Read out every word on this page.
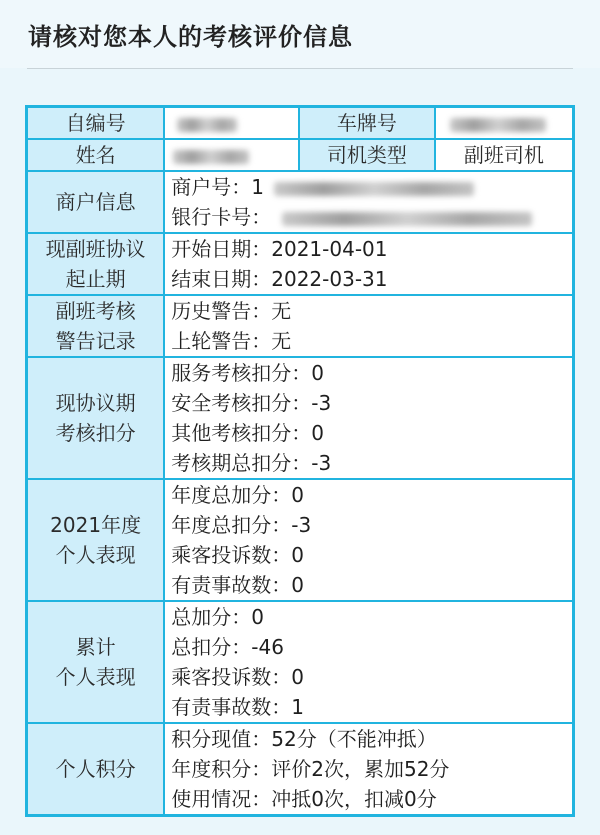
请核对您本人的考核评价信息
自编号		车牌号	
姓名		司机类型	副班司机
商户信息	商户号：1
银行卡号：		

现副班协议
起止期	开始日期：2021-04-01
结束日期：2022-03-31		

副班考核
警告记录	历史警告：无
上轮警告：无		

现协议期
考核扣分	服务考核扣分：0
安全考核扣分：-3
其他考核扣分：0
考核期总扣分：-3		

2021年度
个人表现	年度总加分：0
年度总扣分：-3
乘客投诉数：0
有责事故数：0		

累计
个人表现	总加分：0
总扣分：-46
乘客投诉数：0
有责事故数：1		

个人积分	积分现值：52分（不能冲抵）
年度积分：评价2次，累加52分
使用情况：冲抵0次，扣减0分		
